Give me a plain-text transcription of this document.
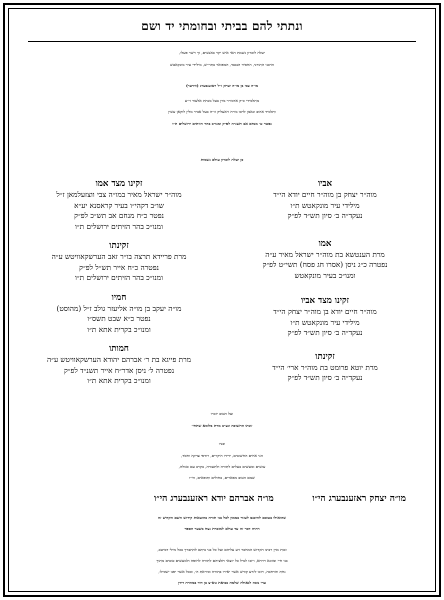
ונתתי להם בביתי ובחומתי יד ושם
יעלה לזכרון נשמת האי איש יקר באנשים, זך וישר פעלו,
הרבני התורני, החסיד הנכבד, המפואר בתוי״ש, מילידי עיר מונקאטש
מו״ה צבי בן מו״ה יצחק ז״ל ראזענבערג (ווידער)
מתלמידי כ״ק אדמו״ר מרן בעל מנחת אלעזר זי״ע
ותלמיד אהוב ונאמן לרבו מו״ה זיאעליק זו״ה בעל אביר מלין לוקאן עשין
נפטר ט׳ מנחם אב תשנ״ה לפ״ק ומנו״כ בהר הזיתים ירושלים ת״ו
כן יעלה לזכרון עולם נשמות
אביו
מוה״ר יצחק בן מוה״ר חיים יודא הי״ד
מילידי עיר מונקאטש ת״ו
נעקד״ה ב׳ סיון תש״ד לפ״ק
אמו
מרת הענטשא בת מוה״ר ישראל מאיר ע״ה
נפטרה כ״ג ניסן (אסרו חג פסח) תשי״ט לפ״ק
ומנו״כ בעיר מונקאטש
זקינו מצד אביו
מוה״ר חיים יודא בן מוה״ר יצחק הי״ד
מילידי עיר מונקאטש ת״ו
נעקד״ה ב׳ סיון תש״ד לפ״ק
זקינתו
מרת יוטא פרומט בת מוה״ר ארי׳ הי״ד
נעקד״ה ב׳ סיון תש״ד לפ״ק
זקינו מצד אמו
מוה״ר ישראל מאיר במו״ה צבי ווצזעלמאן ז״ל
שו״ב דקהי״ו בעיר קראסנא יע״א
נפטר כ״ח מנחם אב תש״כ לפ״ק
ומנו״כ בהר הזיתים ירושלים ת״ו
זקינתו
מרת פריידא תרצה בו״ר זאב הערשקאוויטש ע״ה
נפטרה כ״ח אייר תש״ל לפ״ק
ומנו״כ בהר הזיתים ירושלים ת״ו
חמיו
מו״ה יעקב בן מו״ה אליעזר גולב ז״ל (מהוסט)
נפטר כ״א שבט תשס״ו
ומנו״כ בקרית אתא ת״ו
חמותו
מרת פייגא בת ר׳ אברהם יהודא הערשקאוויטש ע״ה
נפטרה ל׳ ניסן אדר״ח אייר תשנ״ד לפ״ק
ומנו״כ בקרית אתא ת״ו
ועל הטוב יזכרו
זוגתו החשובה ונצ״ב מרת בלומא שתחי׳
ובניו
הני אחים החשובים, ידידו היקרים, רודפי צדקה וחסד,
עושים ומעשים בעלים לתורה ולתעודה, בקרב עם סגולה,
שמם הטוב מפארים, בחולים ותופאים, הי״ו
מו״ה יצחק ראזענבערג הי״ו
מו״ה אברהם יודא ראזענבערג הי״ו
שהואילו בטובם להיכנס לעזור בממון לכל בני תורה בהוצאות קידוש השם הקדוש זה
ויהיה דבר זה עד עולם למזכרת נצח בשער הספר
זכות מרן רבינו הקדוש המחבר זיע עליהם ועל כל בני ביתם להתברך בכל מילי דמיטב,
בני חיי ומזונא רויחא, ויזכו לגדל כל יוצאי חלציהם לתורה לחופה ולמעשים טובים מתוך
נחת והרחבה, ויזכו לזרע קודש אשר יאירו בתורה וביראת ה׳, ובכל אשר יפנו ישכילו,
עדי נזכה לגאולה שלמה בביאת גוא״צ בן דוד במהרה דידן
